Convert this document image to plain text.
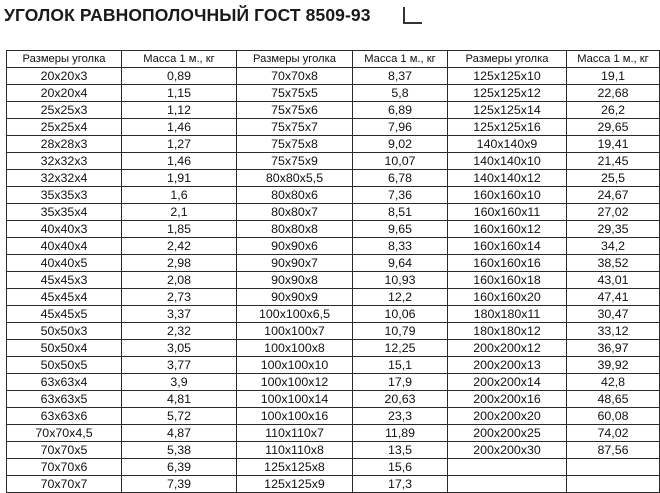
УГОЛОК РАВНОПОЛОЧНЫЙ ГОСТ 8509-93
Размеры уголка	Масса 1 м., кг	Размеры уголка	Масса 1 м., кг	Размеры уголка	Масса 1 м., кг
20x20x3	0,89	70x70x8	8,37	125x125x10	19,1
20x20x4	1,15	75x75x5	5,8	125x125x12	22,68
25x25x3	1,12	75x75x6	6,89	125x125x14	26,2
25x25x4	1,46	75x75x7	7,96	125x125x16	29,65
28x28x3	1,27	75x75x8	9,02	140x140x9	19,41
32x32x3	1,46	75x75x9	10,07	140x140x10	21,45
32x32x4	1,91	80x80x5,5	6,78	140x140x12	25,5
35x35x3	1,6	80x80x6	7,36	160x160x10	24,67
35x35x4	2,1	80x80x7	8,51	160x160x11	27,02
40x40x3	1,85	80x80x8	9,65	160x160x12	29,35
40x40x4	2,42	90x90x6	8,33	160x160x14	34,2
40x40x5	2,98	90x90x7	9,64	160x160x16	38,52
45x45x3	2,08	90x90x8	10,93	160x160x18	43,01
45x45x4	2,73	90x90x9	12,2	160x160x20	47,41
45x45x5	3,37	100x100x6,5	10,06	180x180x11	30,47
50x50x3	2,32	100x100x7	10,79	180x180x12	33,12
50x50x4	3,05	100x100x8	12,25	200x200x12	36,97
50x50x5	3,77	100x100x10	15,1	200x200x13	39,92
63x63x4	3,9	100x100x12	17,9	200x200x14	42,8
63x63x5	4,81	100x100x14	20,63	200x200x16	48,65
63x63x6	5,72	100x100x16	23,3	200x200x20	60,08
70x70x4,5	4,87	110x110x7	11,89	200x200x25	74,02
70x70x5	5,38	110x110x8	13,5	200x200x30	87,56
70x70x6	6,39	125x125x8	15,6		
70x70x7	7,39	125x125x9	17,3		
